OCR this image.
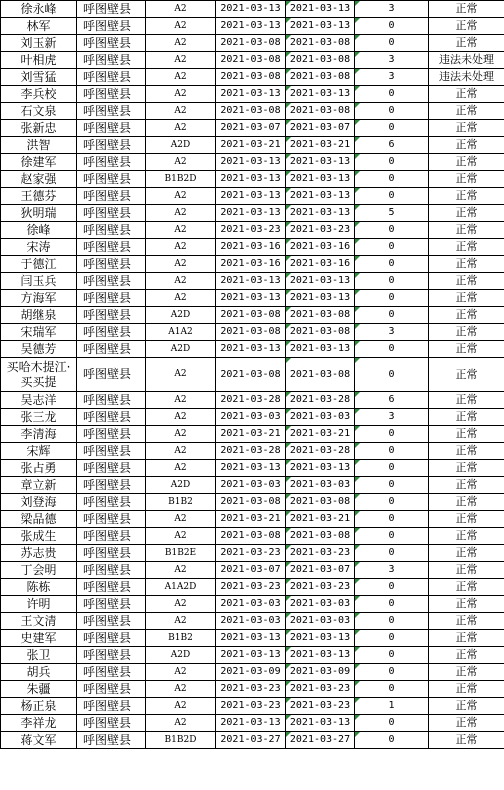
徐永峰	呼图壁县	A2	2021-03-13	2021-03-13	3	正常
林军	呼图壁县	A2	2021-03-13	2021-03-13	0	正常
刘玉新	呼图壁县	A2	2021-03-08	2021-03-08	0	正常
叶相虎	呼图壁县	A2	2021-03-08	2021-03-08	3	违法未处理
刘雪猛	呼图壁县	A2	2021-03-08	2021-03-08	3	违法未处理
李兵校	呼图壁县	A2	2021-03-13	2021-03-13	0	正常
石文泉	呼图壁县	A2	2021-03-08	2021-03-08	0	正常
张新忠	呼图壁县	A2	2021-03-07	2021-03-07	0	正常
洪智	呼图壁县	A2D	2021-03-21	2021-03-21	6	正常
徐建军	呼图壁县	A2	2021-03-13	2021-03-13	0	正常
赵家强	呼图壁县	B1B2D	2021-03-13	2021-03-13	0	正常
王德芬	呼图壁县	A2	2021-03-13	2021-03-13	0	正常
狄明瑞	呼图壁县	A2	2021-03-13	2021-03-13	5	正常
徐峰	呼图壁县	A2	2021-03-23	2021-03-23	0	正常
宋涛	呼图壁县	A2	2021-03-16	2021-03-16	0	正常
于德江	呼图壁县	A2	2021-03-16	2021-03-16	0	正常
闫玉兵	呼图壁县	A2	2021-03-13	2021-03-13	0	正常
方海军	呼图壁县	A2	2021-03-13	2021-03-13	0	正常
胡继泉	呼图壁县	A2D	2021-03-08	2021-03-08	0	正常
宋瑞军	呼图壁县	A1A2	2021-03-08	2021-03-08	3	正常
吴德芳	呼图壁县	A2D	2021-03-13	2021-03-13	0	正常
买哈木提江·买买提	呼图壁县	A2	2021-03-08	2021-03-08	0	正常
吴志洋	呼图壁县	A2	2021-03-28	2021-03-28	6	正常
张三龙	呼图壁县	A2	2021-03-03	2021-03-03	3	正常
李清海	呼图壁县	A2	2021-03-21	2021-03-21	0	正常
宋辉	呼图壁县	A2	2021-03-28	2021-03-28	0	正常
张占勇	呼图壁县	A2	2021-03-13	2021-03-13	0	正常
章立新	呼图壁县	A2D	2021-03-03	2021-03-03	0	正常
刘登海	呼图壁县	B1B2	2021-03-08	2021-03-08	0	正常
梁品德	呼图壁县	A2	2021-03-21	2021-03-21	0	正常
张成生	呼图壁县	A2	2021-03-08	2021-03-08	0	正常
苏志贵	呼图壁县	B1B2E	2021-03-23	2021-03-23	0	正常
丁会明	呼图壁县	A2	2021-03-07	2021-03-07	3	正常
陈栋	呼图壁县	A1A2D	2021-03-23	2021-03-23	0	正常
许明	呼图壁县	A2	2021-03-03	2021-03-03	0	正常
王文清	呼图壁县	A2	2021-03-03	2021-03-03	0	正常
史建军	呼图壁县	B1B2	2021-03-13	2021-03-13	0	正常
张卫	呼图壁县	A2D	2021-03-13	2021-03-13	0	正常
胡兵	呼图壁县	A2	2021-03-09	2021-03-09	0	正常
朱疆	呼图壁县	A2	2021-03-23	2021-03-23	0	正常
杨正泉	呼图壁县	A2	2021-03-23	2021-03-23	1	正常
李祥龙	呼图壁县	A2	2021-03-13	2021-03-13	0	正常
蒋文军	呼图壁县	B1B2D	2021-03-27	2021-03-27	0	正常
